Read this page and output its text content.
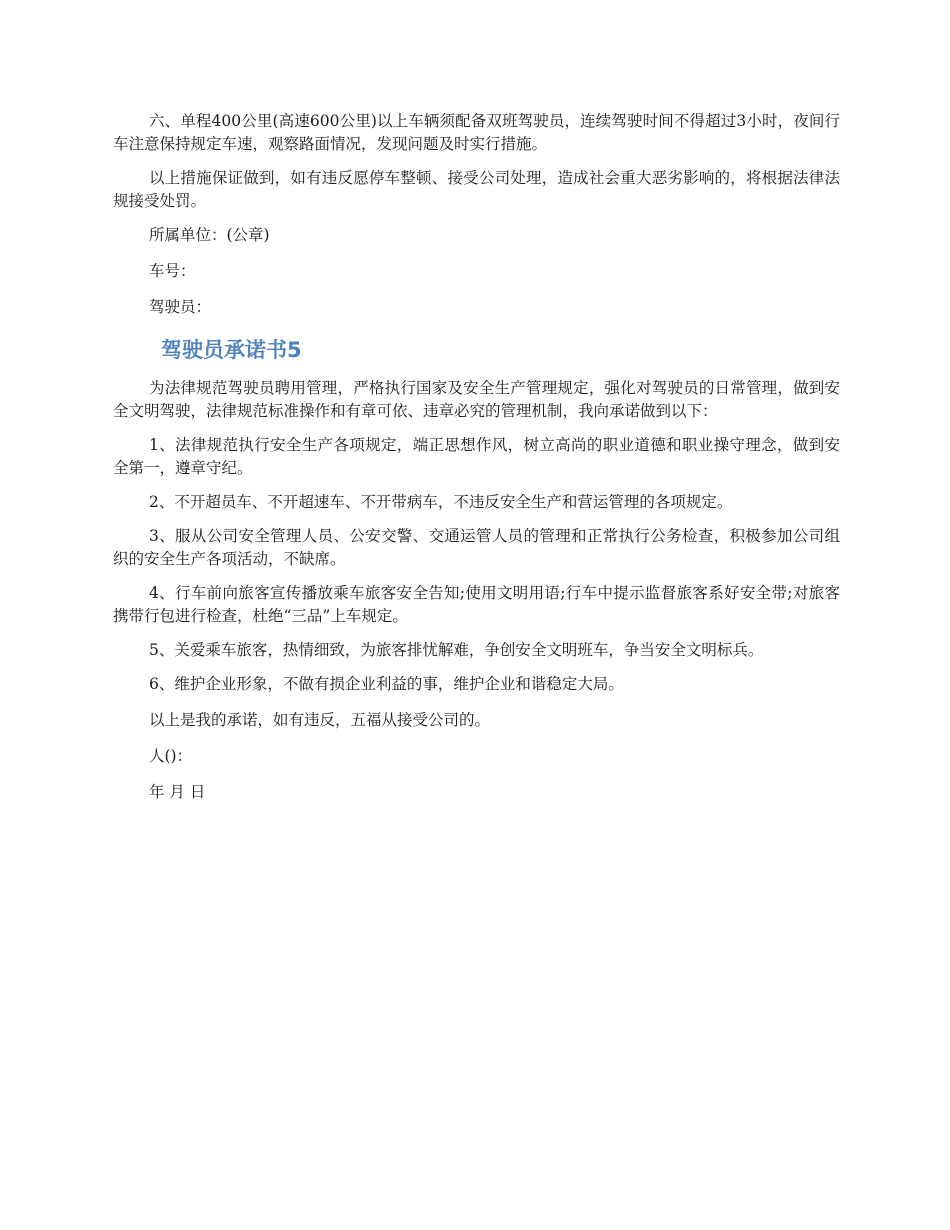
六、单程400公里(高速600公里)以上车辆须配备双班驾驶员，连续驾驶时间不得超过3小时，夜间行车注意保持规定车速，观察路面情况，发现问题及时实行措施。

以上措施保证做到，如有违反愿停车整顿、接受公司处理，造成社会重大恶劣影响的，将根据法律法规接受处罚。

所属单位：(公章)

车号：

驾驶员：

驾驶员承诺书5

为法律规范驾驶员聘用管理，严格执行国家及安全生产管理规定，强化对驾驶员的日常管理，做到安全文明驾驶，法律规范标准操作和有章可依、违章必究的管理机制，我向承诺做到以下：

1、法律规范执行安全生产各项规定，端正思想作风，树立高尚的职业道德和职业操守理念，做到安全第一，遵章守纪。

2、不开超员车、不开超速车、不开带病车，不违反安全生产和营运管理的各项规定。

3、服从公司安全管理人员、公安交警、交通运管人员的管理和正常执行公务检查，积极参加公司组织的安全生产各项活动，不缺席。

4、行车前向旅客宣传播放乘车旅客安全告知;使用文明用语;行车中提示监督旅客系好安全带;对旅客携带行包进行检查，杜绝“三品”上车规定。

5、关爱乘车旅客，热情细致，为旅客排忧解难，争创安全文明班车，争当安全文明标兵。

6、维护企业形象，不做有损企业利益的事，维护企业和谐稳定大局。

以上是我的承诺，如有违反，五福从接受公司的。

人()：

年 月 日
